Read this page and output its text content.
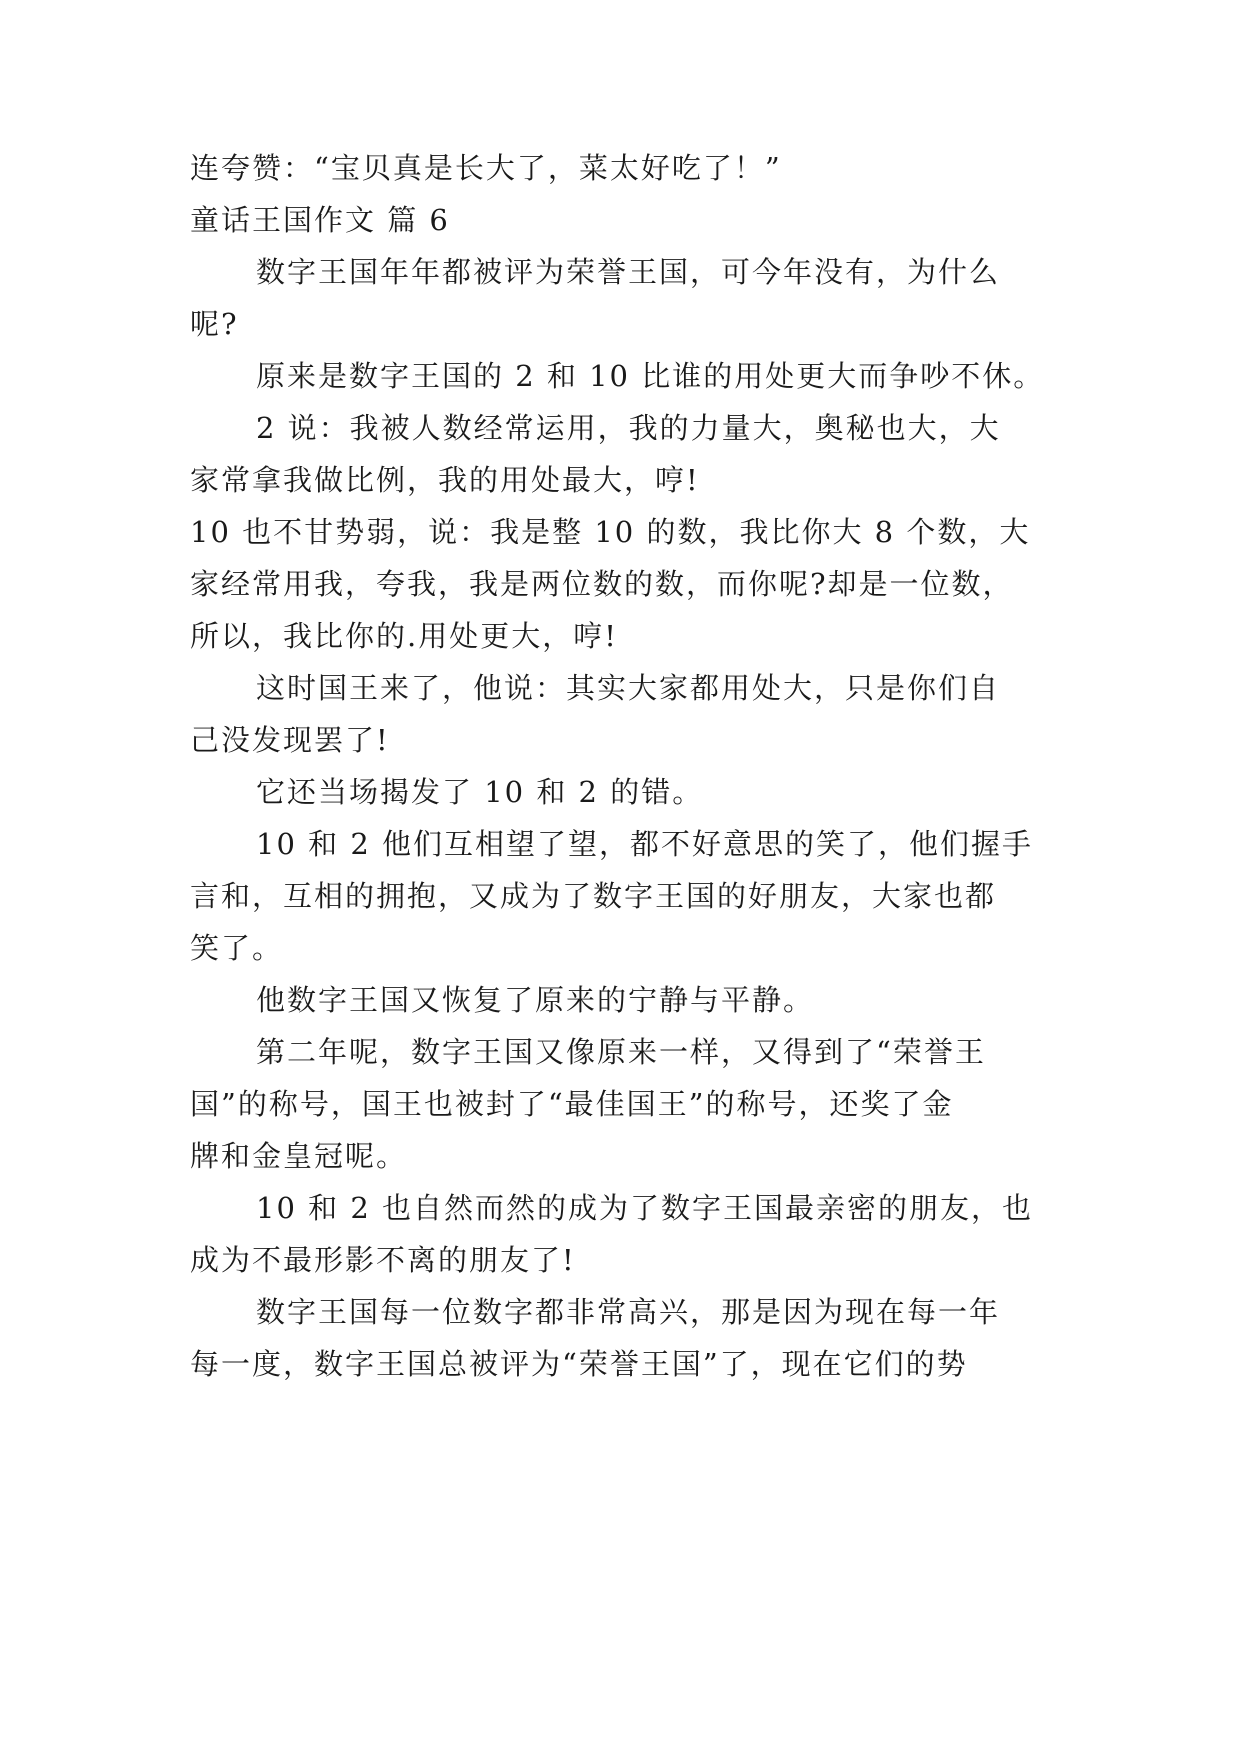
连夸赞：“宝贝真是长大了，菜太好吃了！”
童话王国作文 篇 6
数字王国年年都被评为荣誉王国，可今年没有，为什么
呢?
原来是数字王国的 2 和 10 比谁的用处更大而争吵不休。
2 说：我被人数经常运用，我的力量大，奥秘也大，大
家常拿我做比例，我的用处最大，哼!
10 也不甘势弱，说：我是整 10 的数，我比你大 8 个数，大
家经常用我，夸我，我是两位数的数，而你呢?却是一位数，
所以，我比你的.用处更大，哼!
这时国王来了，他说：其实大家都用处大，只是你们自
己没发现罢了!
它还当场揭发了 10 和 2 的错。
10 和 2 他们互相望了望，都不好意思的笑了，他们握手
言和，互相的拥抱，又成为了数字王国的好朋友，大家也都
笑了。
他数字王国又恢复了原来的宁静与平静。
第二年呢，数字王国又像原来一样，又得到了“荣誉王
国”的称号，国王也被封了“最佳国王”的称号，还奖了金
牌和金皇冠呢。
10 和 2 也自然而然的成为了数字王国最亲密的朋友，也
成为不最形影不离的朋友了!
数字王国每一位数字都非常高兴，那是因为现在每一年
每一度，数字王国总被评为“荣誉王国”了，现在它们的势
